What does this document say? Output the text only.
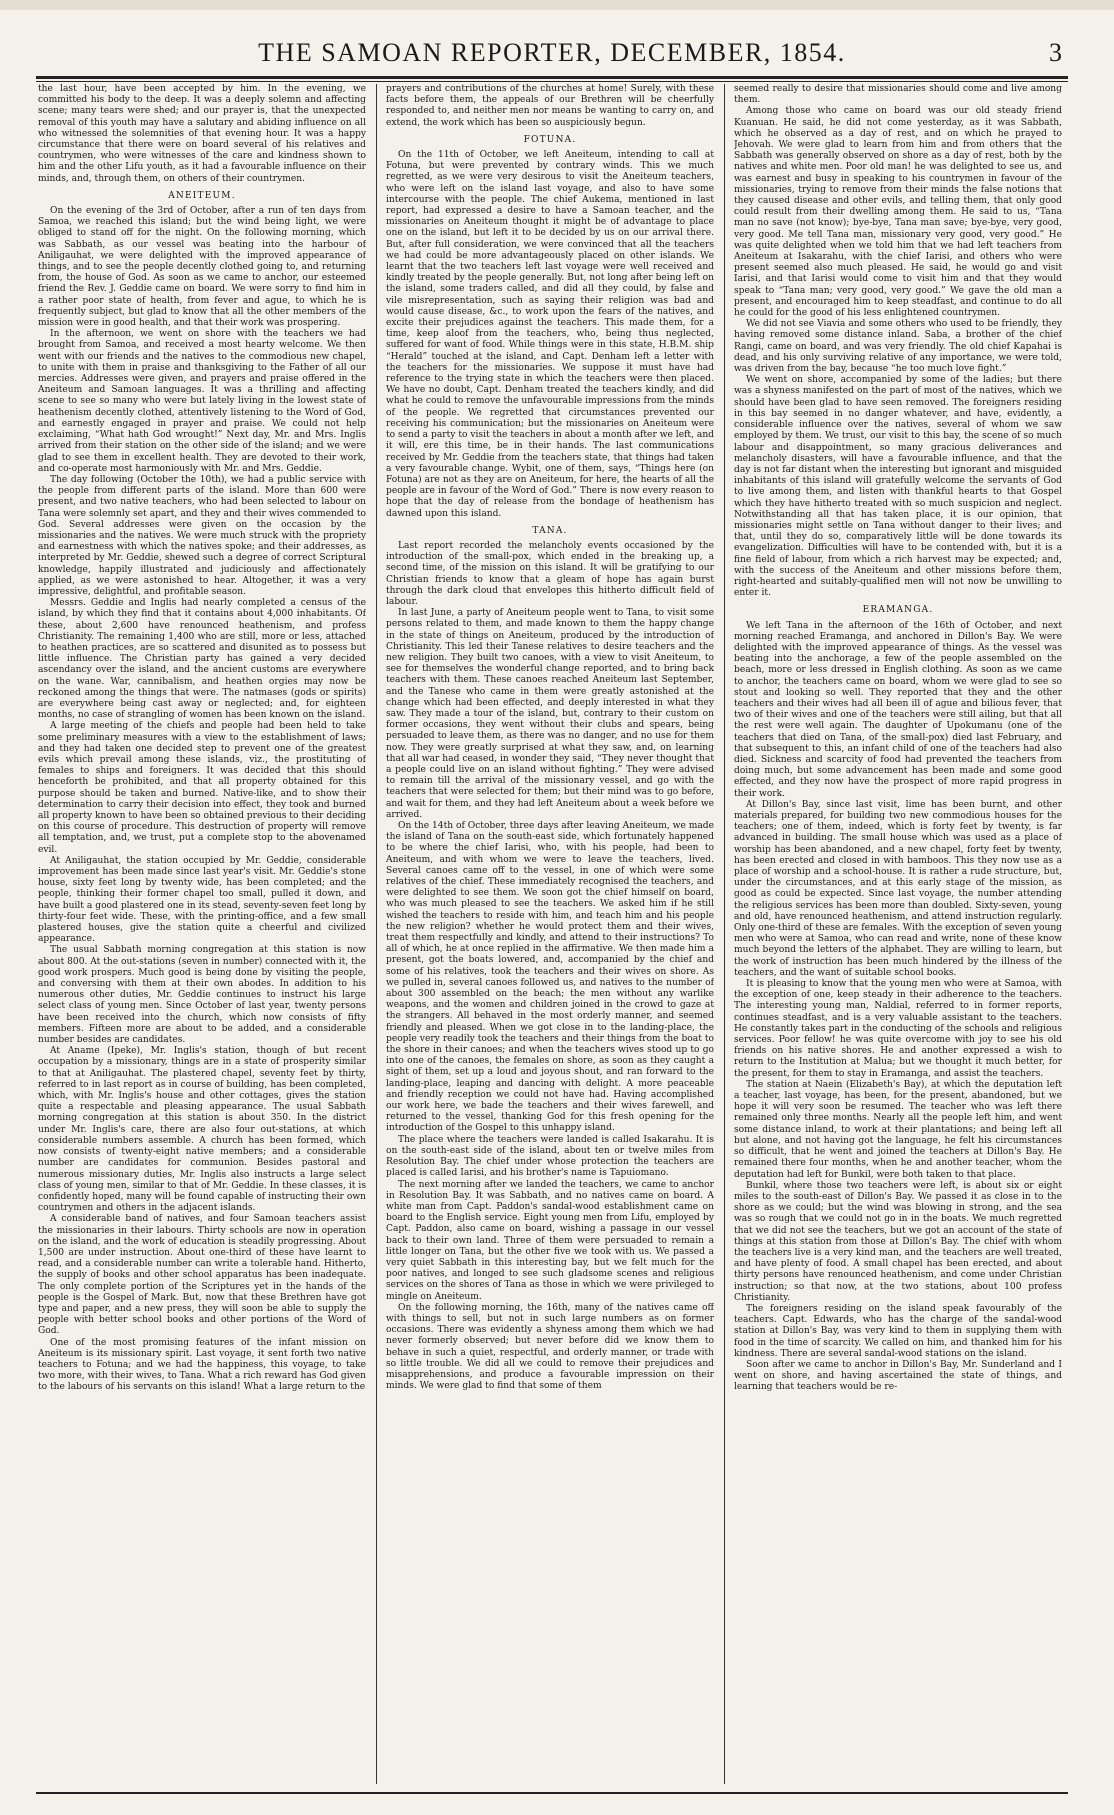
THE SAMOAN REPORTER, DECEMBER, 1854.	3

the last hour, have been accepted by him. In the evening, we committed his body to the deep. It was a deeply solemn and affecting scene; many tears were shed; and our prayer is, that the unexpected removal of this youth may have a salutary and abiding influence on all who witnessed the solemnities of that evening hour. It was a happy circumstance that there were on board several of his relatives and countrymen, who were witnesses of the care and kindness shown to him and the other Lifu youth, as it had a favourable influence on their minds, and, through them, on others of their countrymen.

ANEITEUM.

On the evening of the 3rd of October, after a run of ten days from Samoa, we reached this island; but the wind being light, we were obliged to stand off for the night. On the following morning, which was Sabbath, as our vessel was beating into the harbour of Aniligauhat, we were delighted with the improved appearance of things, and to see the people decently clothed going to, and returning from, the house of God. As soon as we came to anchor, our esteemed friend the Rev. J. Geddie came on board. We were sorry to find him in a rather poor state of health, from fever and ague, to which he is frequently subject, but glad to know that all the other members of the mission were in good health, and that their work was prospering.

In the afternoon, we went on shore with the teachers we had brought from Samoa, and received a most hearty welcome. We then went with our friends and the natives to the commodious new chapel, to unite with them in praise and thanksgiving to the Father of all our mercies. Addresses were given, and prayers and praise offered in the Aneiteum and Samoan languages. It was a thrilling and affecting scene to see so many who were but lately living in the lowest state of heathenism decently clothed, attentively listening to the Word of God, and earnestly engaged in prayer and praise. We could not help exclaiming, “What hath God wrought!” Next day, Mr. and Mrs. Inglis arrived from their station on the other side of the island; and we were glad to see them in excellent health. They are devoted to their work, and co-operate most harmoniously with Mr. and Mrs. Geddie.

The day following (October the 10th), we had a public service with the people from different parts of the island. More than 600 were present, and two native teachers, who had been selected to labour on Tana were solemnly set apart, and they and their wives commended to God. Several addresses were given on the occasion by the missionaries and the natives. We were much struck with the propriety and earnestness with which the natives spoke; and their addresses, as interpreted by Mr. Geddie, shewed such a degree of correct Scriptural knowledge, happily illustrated and judiciously and affectionately applied, as we were astonished to hear. Altogether, it was a very impressive, delightful, and profitable season.

Messrs. Geddie and Inglis had nearly completed a census of the island, by which they find that it contains about 4,000 inhabitants. Of these, about 2,600 have renounced heathenism, and profess Christianity. The remaining 1,400 who are still, more or less, attached to heathen practices, are so scattered and disunited as to possess but little influence. The Christian party has gained a very decided ascendancy over the island, and the ancient customs are everywhere on the wane. War, cannibalism, and heathen orgies may now be reckoned among the things that were. The natmases (gods or spirits) are everywhere being cast away or neglected; and, for eighteen months, no case of strangling of women has been known on the island.

A large meeting of the chiefs and people had been held to take some preliminary measures with a view to the establishment of laws; and they had taken one decided step to prevent one of the greatest evils which prevail among these islands, viz., the prostituting of females to ships and foreigners. It was decided that this should henceforth be prohibited, and that all property obtained for this purpose should be taken and burned. Native-like, and to show their determination to carry their decision into effect, they took and burned all property known to have been so obtained previous to their deciding on this course of procedure. This destruction of property will remove all temptation, and, we trust, put a complete stop to the abovenamed evil.

At Aniligauhat, the station occupied by Mr. Geddie, considerable improvement has been made since last year's visit. Mr. Geddie's stone house, sixty feet long by twenty wide, has been completed; and the people, thinking their former chapel too small, pulled it down, and have built a good plastered one in its stead, seventy-seven feet long by thirty-four feet wide. These, with the printing-office, and a few small plastered houses, give the station quite a cheerful and civilized appearance.

The usual Sabbath morning congregation at this station is now about 800. At the out-stations (seven in number) connected with it, the good work prospers. Much good is being done by visiting the people, and conversing with them at their own abodes. In addition to his numerous other duties, Mr. Geddie continues to instruct his large select class of young men. Since October of last year, twenty persons have been received into the church, which now consists of fifty members. Fifteen more are about to be added, and a considerable number besides are candidates.

At Aname (Ipeke), Mr. Inglis's station, though of but recent occupation by a missionary, things are in a state of prosperity similar to that at Aniligauhat. The plastered chapel, seventy feet by thirty, referred to in last report as in course of building, has been completed, which, with Mr. Inglis's house and other cottages, gives the station quite a respectable and pleasing appearance. The usual Sabbath morning congregation at this station is about 350. In the district under Mr. Inglis's care, there are also four out-stations, at which considerable numbers assemble. A church has been formed, which now consists of twenty-eight native members; and a considerable number are candidates for communion. Besides pastoral and numerous missionary duties, Mr. Inglis also instructs a large select class of young men, similar to that of Mr. Geddie. In these classes, it is confidently hoped, many will be found capable of instructing their own countrymen and others in the adjacent islands.

A considerable band of natives, and four Samoan teachers assist the missionaries in their labours. Thirty schools are now in operation on the island, and the work of education is steadily progressing. About 1,500 are under instruction. About one-third of these have learnt to read, and a considerable number can write a tolerable hand. Hitherto, the supply of books and other school apparatus has been inadequate. The only complete portion of the Scriptures yet in the hands of the people is the Gospel of Mark. But, now that these Brethren have got type and paper, and a new press, they will soon be able to supply the people with better school books and other portions of the Word of God.

One of the most promising features of the infant mission on Aneiteum is its missionary spirit. Last voyage, it sent forth two native teachers to Fotuna; and we had the happiness, this voyage, to take two more, with their wives, to Tana. What a rich reward has God given to the labours of his servants on this island! What a large return to the

prayers and contributions of the churches at home! Surely, with these facts before them, the appeals of our Brethren will be cheerfully responded to, and neither men nor means be wanting to carry on, and extend, the work which has been so auspiciously begun.

FOTUNA.

On the 11th of October, we left Aneiteum, intending to call at Fotuna, but were prevented by contrary winds. This we much regretted, as we were very desirous to visit the Aneiteum teachers, who were left on the island last voyage, and also to have some intercourse with the people. The chief Aukema, mentioned in last report, had expressed a desire to have a Samoan teacher, and the missionaries on Aneiteum thought it might be of advantage to place one on the island, but left it to be decided by us on our arrival there. But, after full consideration, we were convinced that all the teachers we had could be more advantageously placed on other islands. We learnt that the two teachers left last voyage were well received and kindly treated by the people generally. But, not long after being left on the island, some traders called, and did all they could, by false and vile misrepresentation, such as saying their religion was bad and would cause disease, &c., to work upon the fears of the natives, and excite their prejudices against the teachers. This made them, for a time, keep aloof from the teachers, who, being thus neglected, suffered for want of food. While things were in this state, H.B.M. ship “Herald” touched at the island, and Capt. Denham left a letter with the teachers for the missionaries. We suppose it must have had reference to the trying state in which the teachers were then placed. We have no doubt, Capt. Denham treated the teachers kindly, and did what he could to remove the unfavourable impressions from the minds of the people. We regretted that circumstances prevented our receiving his communication; but the missionaries on Aneiteum were to send a party to visit the teachers in about a month after we left, and it will, ere this time, be in their hands. The last communications received by Mr. Geddie from the teachers state, that things had taken a very favourable change. Wybit, one of them, says, “Things here (on Fotuna) are not as they are on Aneiteum, for here, the hearts of all the people are in favour of the Word of God.” There is now every reason to hope that the day of release from the bondage of heathenism has dawned upon this island.

TANA.

Last report recorded the melancholy events occasioned by the introduction of the small-pox, which ended in the breaking up, a second time, of the mission on this island. It will be gratifying to our Christian friends to know that a gleam of hope has again burst through the dark cloud that envelopes this hitherto difficult field of labour.

In last June, a party of Aneiteum people went to Tana, to visit some persons related to them, and made known to them the happy change in the state of things on Aneiteum, produced by the introduction of Christianity. This led their Tanese relatives to desire teachers and the new religion. They built two canoes, with a view to visit Aneiteum, to see for themselves the wonderful change reported, and to bring back teachers with them. These canoes reached Aneiteum last September, and the Tanese who came in them were greatly astonished at the change which had been effected, and deeply interested in what they saw. They made a tour of the island, but, contrary to their custom on former occasions, they went without their clubs and spears, being persuaded to leave them, as there was no danger, and no use for them now. They were greatly surprised at what they saw, and, on learning that all war had ceased, in wonder they said, “They never thought that a people could live on an island without fighting.” They were advised to remain till the arrival of the missionary vessel, and go with the teachers that were selected for them; but their mind was to go before, and wait for them, and they had left Aneiteum about a week before we arrived.

On the 14th of October, three days after leaving Aneiteum, we made the island of Tana on the south-east side, which fortunately happened to be where the chief Iarisi, who, with his people, had been to Aneiteum, and with whom we were to leave the teachers, lived. Several canoes came off to the vessel, in one of which were some relatives of the chief. These immediately recognised the teachers, and were delighted to see them. We soon got the chief himself on board, who was much pleased to see the teachers. We asked him if he still wished the teachers to reside with him, and teach him and his people the new religion? whether he would protect them and their wives, treat them respectfully and kindly, and attend to their instructions? To all of which, he at once replied in the affirmative. We then made him a present, got the boats lowered, and, accompanied by the chief and some of his relatives, took the teachers and their wives on shore. As we pulled in, several canoes followed us, and natives to the number of about 300 assembled on the beach; the men without any warlike weapons, and the women and children joined in the crowd to gaze at the strangers. All behaved in the most orderly manner, and seemed friendly and pleased. When we got close in to the landing-place, the people very readily took the teachers and their things from the boat to the shore in their canoes; and when the teachers wives stood up to go into one of the canoes, the females on shore, as soon as they caught a sight of them, set up a loud and joyous shout, and ran forward to the landing-place, leaping and dancing with delight. A more peaceable and friendly reception we could not have had. Having accomplished our work here, we bade the teachers and their wives farewell, and returned to the vessel, thanking God for this fresh opening for the introduction of the Gospel to this unhappy island.

The place where the teachers were landed is called Isakarahu. It is on the south-east side of the island, about ten or twelve miles from Resolution Bay. The chief under whose protection the teachers are placed is called Iarisi, and his brother's name is Tapuiomano.

The next morning after we landed the teachers, we came to anchor in Resolution Bay. It was Sabbath, and no natives came on board. A white man from Capt. Paddon's sandal-wood establishment came on board to the English service. Eight young men from Lifu, employed by Capt. Paddon, also came on board, wishing a passage in our vessel back to their own land. Three of them were persuaded to remain a little longer on Tana, but the other five we took with us. We passed a very quiet Sabbath in this interesting bay, but we felt much for the poor natives, and longed to see such gladsome scenes and religious services on the shores of Tana as those in which we were privileged to mingle on Aneiteum.

On the following morning, the 16th, many of the natives came off with things to sell, but not in such large numbers as on former occasions. There was evidently a shyness among them which we had never formerly observed; but never before did we know them to behave in such a quiet, respectful, and orderly manner, or trade with so little trouble. We did all we could to remove their prejudices and misapprehensions, and produce a favourable impression on their minds. We were glad to find that some of them

seemed really to desire that missionaries should come and live among them.

Among those who came on board was our old steady friend Kuanuan. He said, he did not come yesterday, as it was Sabbath, which he observed as a day of rest, and on which he prayed to Jehovah. We were glad to learn from him and from others that the Sabbath was generally observed on shore as a day of rest, both by the natives and white men. Poor old man! he was delighted to see us, and was earnest and busy in speaking to his countrymen in favour of the missionaries, trying to remove from their minds the false notions that they caused disease and other evils, and telling them, that only good could result from their dwelling among them. He said to us, “Tana man no save (not know); bye-bye, Tana man save; bye-bye, very good, very good. Me tell Tana man, missionary very good, very good.” He was quite delighted when we told him that we had left teachers from Aneiteum at Isakarahu, with the chief Iarisi, and others who were present seemed also much pleased. He said, he would go and visit Iarisi, and that Iarisi would come to visit him and that they would speak to “Tana man; very good, very good.” We gave the old man a present, and encouraged him to keep steadfast, and continue to do all he could for the good of his less enlightened countrymen.

We did not see Viavia and some others who used to be friendly, they having removed some distance inland. Saba, a brother of the chief Rangi, came on board, and was very friendly. The old chief Kapahai is dead, and his only surviving relative of any importance, we were told, was driven from the bay, because “he too much love fight.”

We went on shore, accompanied by some of the ladies; but there was a shyness manifested on the part of most of the natives, which we should have been glad to have seen removed. The foreigners residing in this bay seemed in no danger whatever, and have, evidently, a considerable influence over the natives, several of whom we saw employed by them. We trust, our visit to this bay, the scene of so much labour and disappointment, so many gracious deliverances and melancholy disasters, will have a favourable influence, and that the day is not far distant when the interesting but ignorant and misguided inhabitants of this island will gratefully welcome the servants of God to live among them, and listen with thankful hearts to that Gospel which they have hitherto treated with so much suspicion and neglect. Notwithstanding all that has taken place, it is our opinion, that missionaries might settle on Tana without danger to their lives; and that, until they do so, comparatively little will be done towards its evangelization. Difficulties will have to be contended with, but it is a fine field of labour, from which a rich harvest may be expected; and, with the success of the Aneiteum and other missions before them, right-hearted and suitably-qualified men will not now be unwilling to enter it.

ERAMANGA.

We left Tana in the afternoon of the 16th of October, and next morning reached Eramanga, and anchored in Dillon's Bay. We were delighted with the improved appearance of things. As the vessel was beating into the anchorage, a few of the people assembled on the beach, more or less dressed in English clothing. As soon as we came to anchor, the teachers came on board, whom we were glad to see so stout and looking so well. They reported that they and the other teachers and their wives had all been ill of ague and bilious fever, that two of their wives and one of the teachers were still ailing, but that all the rest were well again. The daughter of Upokumanu (one of the teachers that died on Tana, of the small-pox) died last February, and that subsequent to this, an infant child of one of the teachers had also died. Sickness and scarcity of food had prevented the teachers from doing much, but some advancement has been made and some good effected, and they now have the prospect of more rapid progress in their work.

At Dillon's Bay, since last visit, lime has been burnt, and other materials prepared, for building two new commodious houses for the teachers; one of them, indeed, which is forty feet by twenty, is far advanced in building. The small house which was used as a place of worship has been abandoned, and a new chapel, forty feet by twenty, has been erected and closed in with bamboos. This they now use as a place of worship and a school-house. It is rather a rude structure, but, under the circumstances, and at this early stage of the mission, as good as could be expected. Since last voyage, the number attending the religious services has been more than doubled. Sixty-seven, young and old, have renounced heathenism, and attend instruction regularly. Only one-third of these are females. With the exception of seven young men who were at Samoa, who can read and write, none of these know much beyond the letters of the alphabet. They are willing to learn, but the work of instruction has been much hindered by the illness of the teachers, and the want of suitable school books.

It is pleasing to know that the young men who were at Samoa, with the exception of one, keep steady in their adherence to the teachers. The interesting young man, Naldial, referred to in former reports, continues steadfast, and is a very valuable assistant to the teachers. He constantly takes part in the conducting of the schools and religious services. Poor fellow! he was quite overcome with joy to see his old friends on his native shores. He and another expressed a wish to return to the Institution at Malua; but we thought it much better, for the present, for them to stay in Eramanga, and assist the teachers.

The station at Naein (Elizabeth's Bay), at which the deputation left a teacher, last voyage, has been, for the present, abandoned, but we hope it will very soon be resumed. The teacher who was left there remained only three months. Nearly all the people left him, and went some distance inland, to work at their plantations; and being left all but alone, and not having got the language, he felt his circumstances so difficult, that he went and joined the teachers at Dillon's Bay. He remained there four months, when he and another teacher, whom the deputation had left for Bunkil, were both taken to that place.

Bunkil, where those two teachers were left, is about six or eight miles to the south-east of Dillon's Bay. We passed it as close in to the shore as we could; but the wind was blowing in strong, and the sea was so rough that we could not go in in the boats. We much regretted that we did not see the teachers, but we got an account of the state of things at this station from those at Dillon's Bay. The chief with whom the teachers live is a very kind man, and the teachers are well treated, and have plenty of food. A small chapel has been erected, and about thirty persons have renounced heathenism, and come under Christian instruction; so that now, at the two stations, about 100 profess Christianity.

The foreigners residing on the island speak favourably of the teachers. Capt. Edwards, who has the charge of the sandal-wood station at Dillon's Bay, was very kind to them in supplying them with food in the time of scarcity. We called on him, and thanked him for his kindness. There are several sandal-wood stations on the island.

Soon after we came to anchor in Dillon's Bay, Mr. Sunderland and I went on shore, and having ascertained the state of things, and learning that teachers would be re-
